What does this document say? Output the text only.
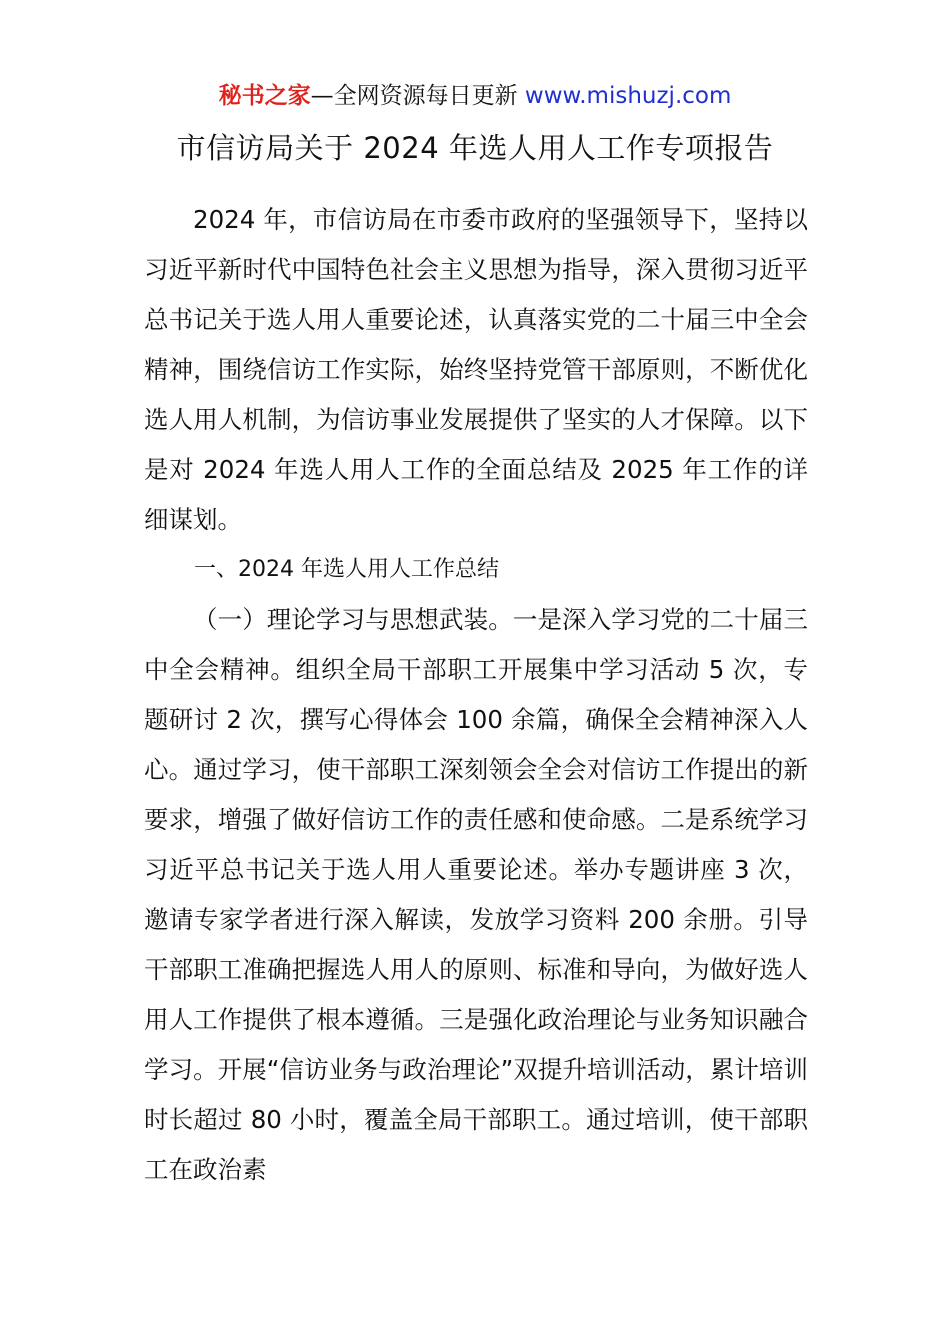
秘书之家—全网资源每日更新 www.mishuzj.com
市信访局关于 2024 年选人用人工作专项报告

2024 年，市信访局在市委市政府的坚强领导下，坚持以习近平新时代中国特色社会主义思想为指导，深入贯彻习近平总书记关于选人用人重要论述，认真落实党的二十届三中全会精神，围绕信访工作实际，始终坚持党管干部原则，不断优化选人用人机制，为信访事业发展提供了坚实的人才保障。以下是对 2024 年选人用人工作的全面总结及 2025 年工作的详细谋划。

一、2024 年选人用人工作总结

（一）理论学习与思想武装。一是深入学习党的二十届三中全会精神。组织全局干部职工开展集中学习活动 5 次，专题研讨 2 次，撰写心得体会 100 余篇，确保全会精神深入人心。通过学习，使干部职工深刻领会全会对信访工作提出的新要求，增强了做好信访工作的责任感和使命感。二是系统学习习近平总书记关于选人用人重要论述。举办专题讲座 3 次，邀请专家学者进行深入解读，发放学习资料 200 余册。引导干部职工准确把握选人用人的原则、标准和导向，为做好选人用人工作提供了根本遵循。三是强化政治理论与业务知识融合学习。开展“信访业务与政治理论”双提升培训活动，累计培训时长超过 80 小时，覆盖全局干部职工。通过培训，使干部职工在政治素
